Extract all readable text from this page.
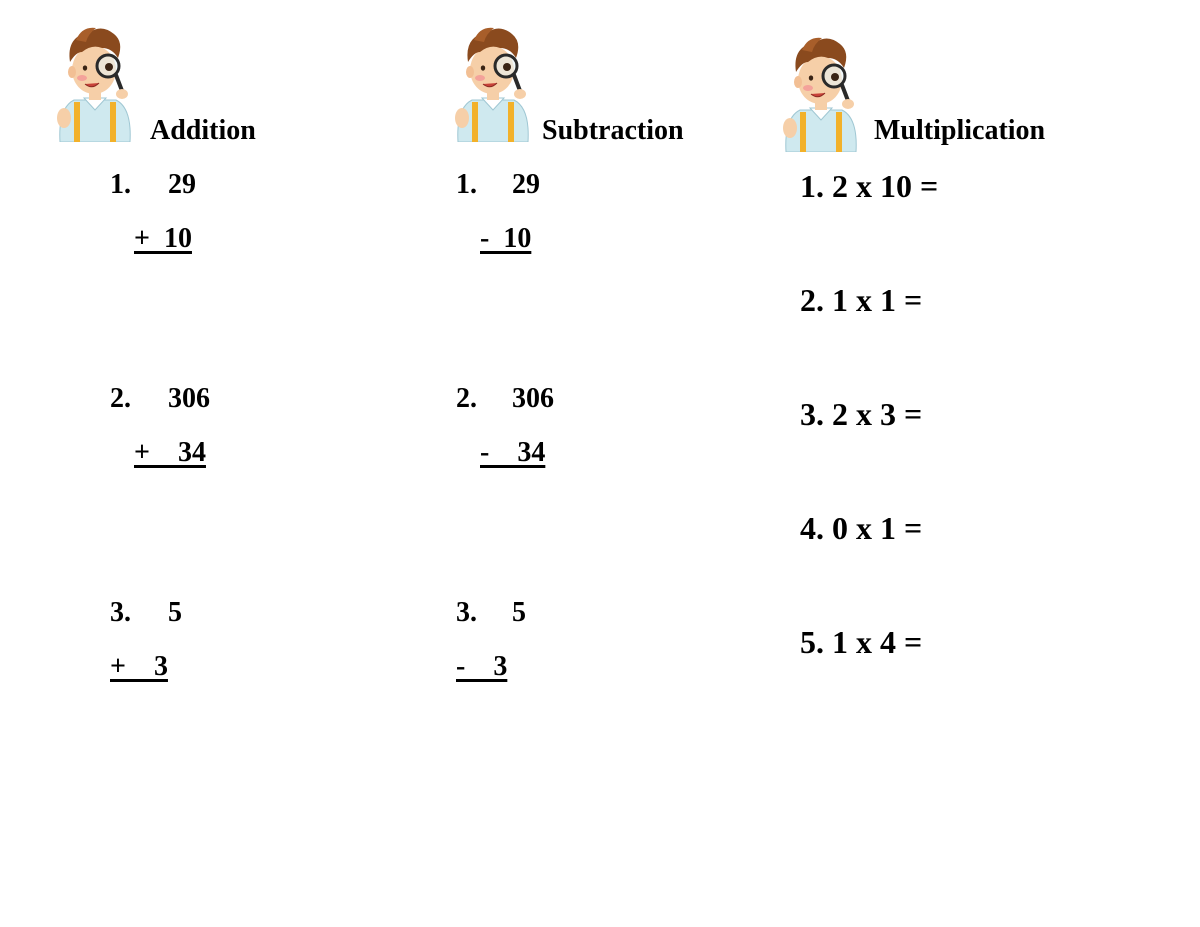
Addition
1. 29
+  10
2. 306
+    34
3. 5
+    3
Subtraction
1. 29
-  10
2. 306
-    34
3. 5
-    3
Multiplication
1. 2 x 10 =
2. 1 x 1 =
3. 2 x 3 =
4. 0 x 1 =
5. 1 x 4 =
